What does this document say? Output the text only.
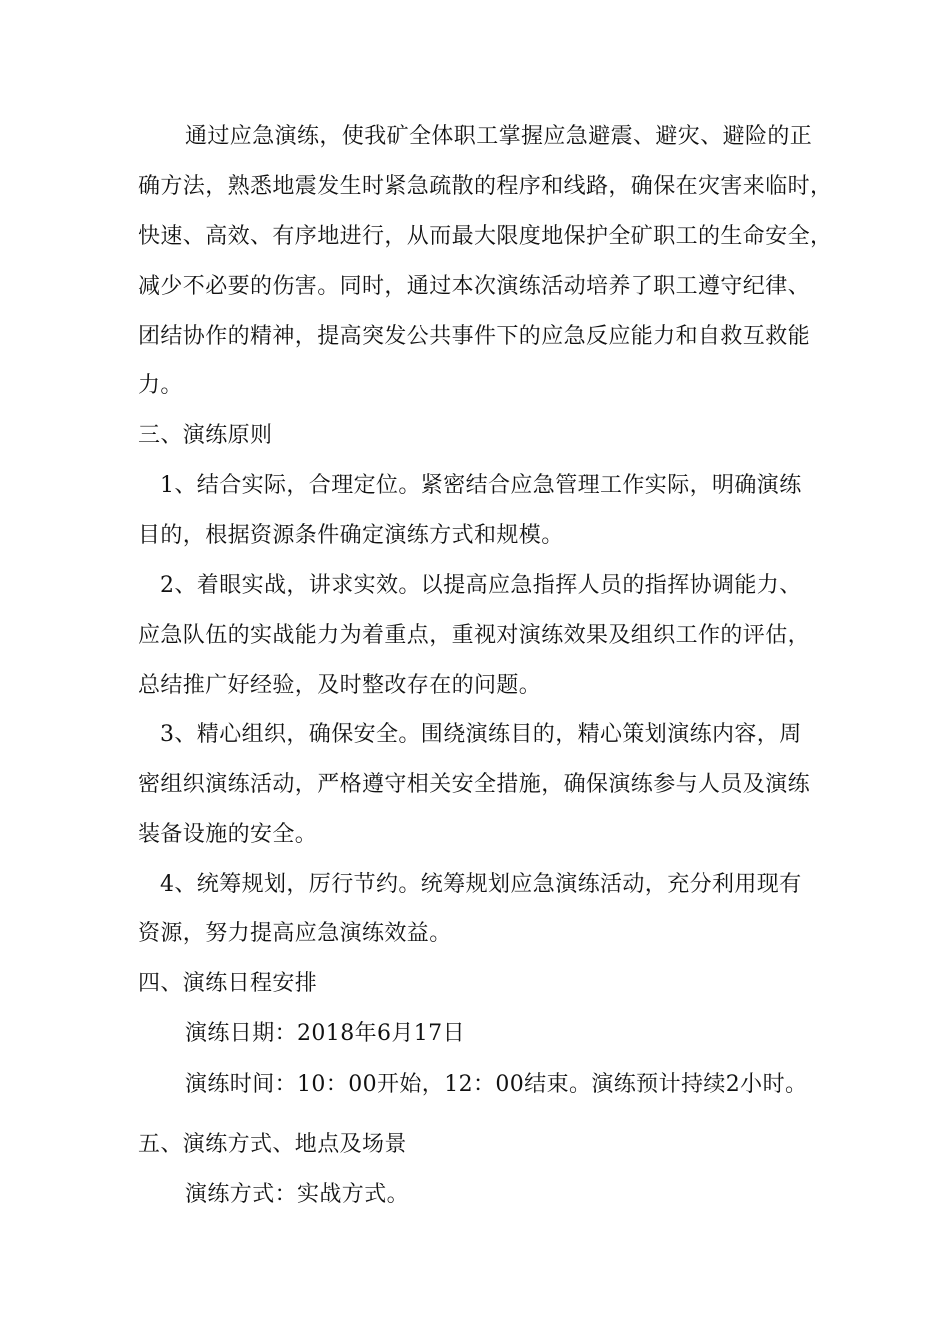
通过应急演练，使我矿全体职工掌握应急避震、避灾、避险的正
确方法，熟悉地震发生时紧急疏散的程序和线路，确保在灾害来临时，
快速、高效、有序地进行，从而最大限度地保护全矿职工的生命安全，
减少不必要的伤害。同时，通过本次演练活动培养了职工遵守纪律、
团结协作的精神，提高突发公共事件下的应急反应能力和自救互救能
力。
三、演练原则
1、结合实际，合理定位。紧密结合应急管理工作实际，明确演练
目的，根据资源条件确定演练方式和规模。
2、着眼实战，讲求实效。以提高应急指挥人员的指挥协调能力、
应急队伍的实战能力为着重点，重视对演练效果及组织工作的评估，
总结推广好经验，及时整改存在的问题。
3、精心组织，确保安全。围绕演练目的，精心策划演练内容，周
密组织演练活动，严格遵守相关安全措施，确保演练参与人员及演练
装备设施的安全。
4、统筹规划，厉行节约。统筹规划应急演练活动，充分利用现有
资源，努力提高应急演练效益。
四、演练日程安排
演练日期：2018年6月17日
演练时间：10：00开始，12：00结束。演练预计持续2小时。
五、演练方式、地点及场景
演练方式：实战方式。
